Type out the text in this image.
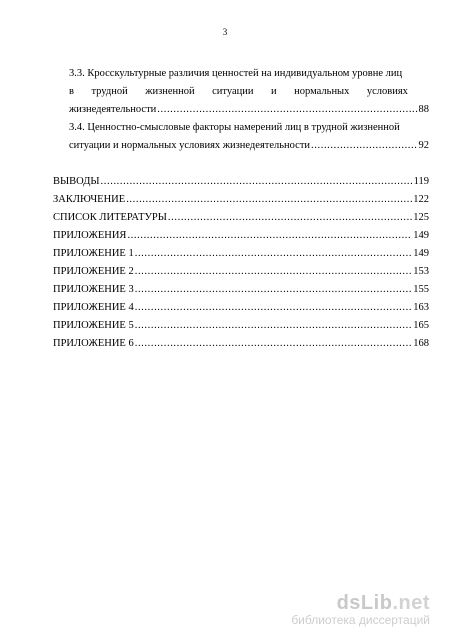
3
3.3. Кросскультурные различия ценностей на индивидуальном уровне лиц
в трудной жизненной ситуации и нормальных условиях
жизнедеятельности .....	88
3.4. Ценностно-смысловые факторы намерений лиц в трудной жизненной
ситуации и нормальных условиях жизнедеятельности .....	92
ВЫВОДЫ .....	119
ЗАКЛЮЧЕНИЕ .....	122
СПИСОК ЛИТЕРАТУРЫ .....	125
ПРИЛОЖЕНИЯ .....	149
ПРИЛОЖЕНИЕ 1 .....	149
ПРИЛОЖЕНИЕ 2 .....	153
ПРИЛОЖЕНИЕ 3 .....	155
ПРИЛОЖЕНИЕ 4 .....	163
ПРИЛОЖЕНИЕ 5 .....	165
ПРИЛОЖЕНИЕ 6 .....	168
dsLib.net
библиотека диссертаций
